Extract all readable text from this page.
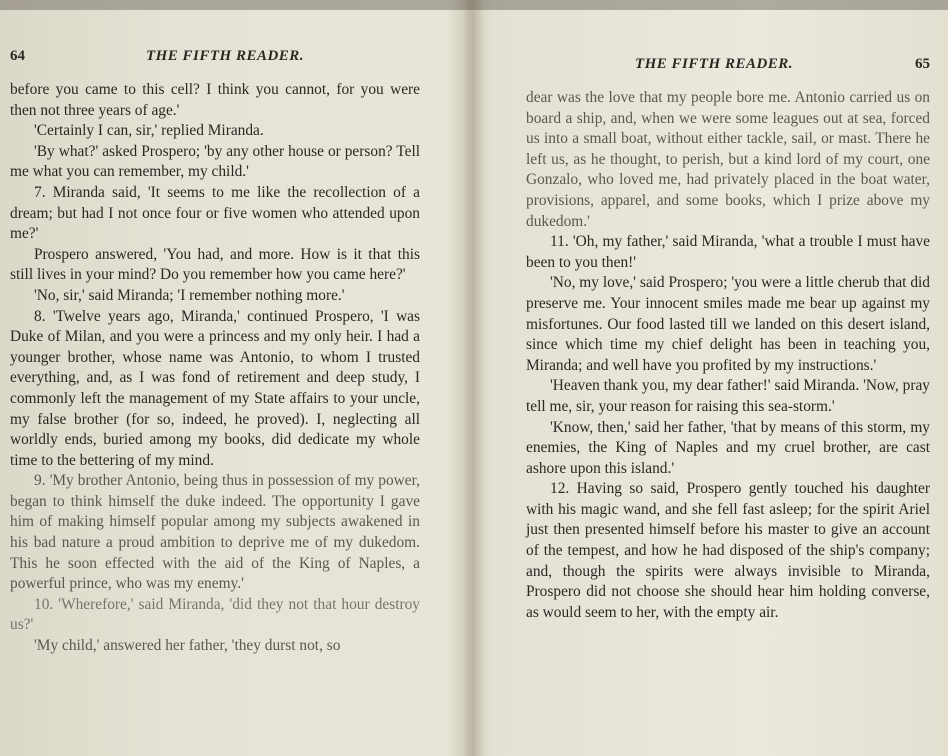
64	THE FIFTH READER.

before you came to this cell? I think you cannot, for you were then not three years of age.'

'Certainly I can, sir,' replied Miranda.

'By what?' asked Prospero; 'by any other house or person? Tell me what you can remember, my child.'

7. Miranda said, 'It seems to me like the recollection of a dream; but had I not once four or five women who attended upon me?'

Prospero answered, 'You had, and more. How is it that this still lives in your mind? Do you remember how you came here?'

'No, sir,' said Miranda; 'I remember nothing more.'

8. 'Twelve years ago, Miranda,' continued Prospero, 'I was Duke of Milan, and you were a princess and my only heir. I had a younger brother, whose name was Antonio, to whom I trusted everything, and, as I was fond of retirement and deep study, I commonly left the management of my State affairs to your uncle, my false brother (for so, indeed, he proved). I, neglecting all worldly ends, buried among my books, did dedicate my whole time to the bettering of my mind.

9. 'My brother Antonio, being thus in possession of my power, began to think himself the duke indeed. The opportunity I gave him of making himself popular among my subjects awakened in his bad nature a proud ambition to deprive me of my dukedom. This he soon effected with the aid of the King of Naples, a powerful prince, who was my enemy.'

10. 'Wherefore,' said Miranda, 'did they not that hour destroy us?'

'My child,' answered her father, 'they durst not, so

THE FIFTH READER.	65

dear was the love that my people bore me. Antonio carried us on board a ship, and, when we were some leagues out at sea, forced us into a small boat, without either tackle, sail, or mast. There he left us, as he thought, to perish, but a kind lord of my court, one Gonzalo, who loved me, had privately placed in the boat water, provisions, apparel, and some books, which I prize above my dukedom.'

11. 'Oh, my father,' said Miranda, 'what a trouble I must have been to you then!'

'No, my love,' said Prospero; 'you were a little cherub that did preserve me. Your innocent smiles made me bear up against my misfortunes. Our food lasted till we landed on this desert island, since which time my chief delight has been in teaching you, Miranda; and well have you profited by my instructions.'

'Heaven thank you, my dear father!' said Miranda. 'Now, pray tell me, sir, your reason for raising this sea-storm.'

'Know, then,' said her father, 'that by means of this storm, my enemies, the King of Naples and my cruel brother, are cast ashore upon this island.'

12. Having so said, Prospero gently touched his daughter with his magic wand, and she fell fast asleep; for the spirit Ariel just then presented himself before his master to give an account of the tempest, and how he had disposed of the ship's company; and, though the spirits were always invisible to Miranda, Prospero did not choose she should hear him holding converse, as would seem to her, with the empty air.
